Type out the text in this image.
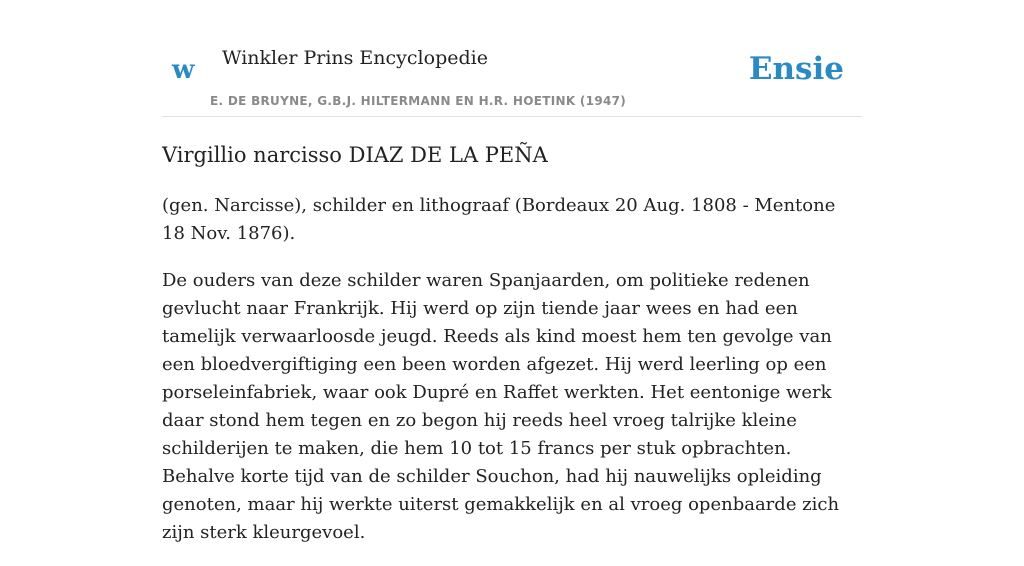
w Winkler Prins Encyclopedie
E. DE BRUYNE, G.B.J. HILTERMANN EN H.R. HOETINK (1947)
Ensie
Virgillio narcisso DIAZ DE LA PEÑA

(gen. Narcisse), schilder en lithograaf (Bordeaux 20 Aug. 1808 - Mentone 18 Nov. 1876).

De ouders van deze schilder waren Spanjaarden, om politieke redenen gevlucht naar Frankrijk. Hij werd op zijn tiende jaar wees en had een tamelijk verwaarloosde jeugd. Reeds als kind moest hem ten gevolge van een bloedvergiftiging een been worden afgezet. Hij werd leerling op een porseleinfabriek, waar ook Dupré en Raffet werkten. Het eentonige werk daar stond hem tegen en zo begon hij reeds heel vroeg talrijke kleine schilderijen te maken, die hem 10 tot 15 francs per stuk opbrachten. Behalve korte tijd van de schilder Souchon, had hij nauwelijks opleiding genoten, maar hij werkte uiterst gemakkelijk en al vroeg openbaarde zich zijn sterk kleurgevoel.
